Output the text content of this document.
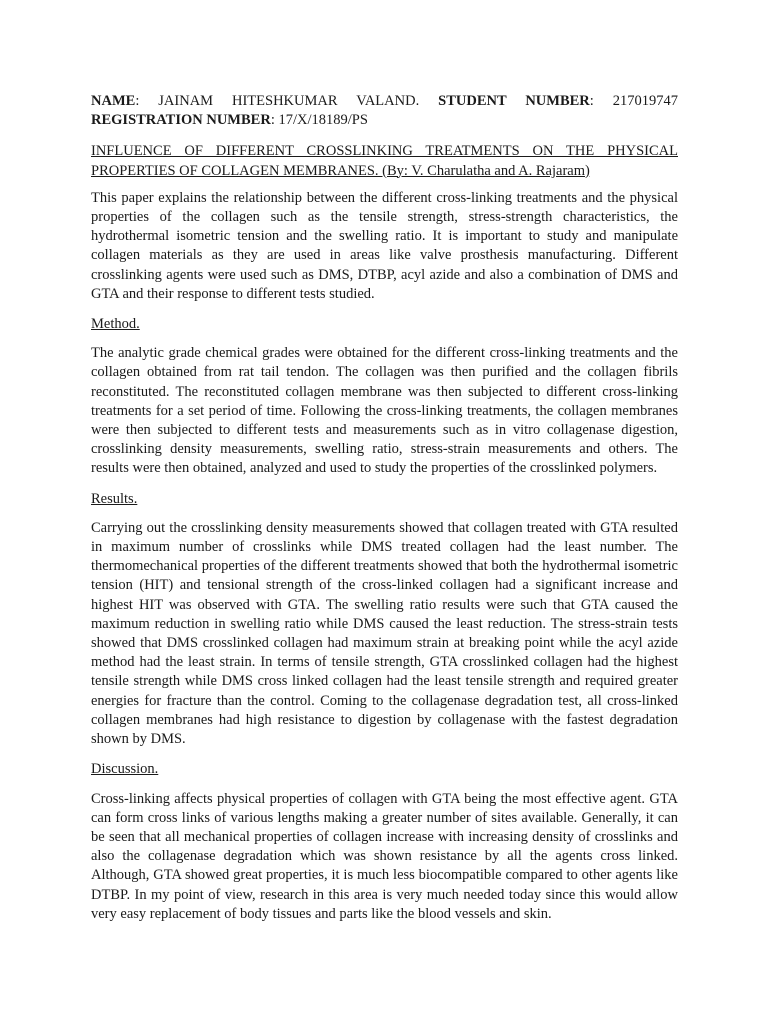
NAME: JAINAM HITESHKUMAR VALAND. STUDENT NUMBER: 217019747

REGISTRATION NUMBER: 17/X/18189/PS

INFLUENCE OF DIFFERENT CROSSLINKING TREATMENTS ON THE PHYSICAL PROPERTIES OF COLLAGEN MEMBRANES. (By: V. Charulatha and A. Rajaram)

This paper explains the relationship between the different cross-linking treatments and the physical properties of the collagen such as the tensile strength, stress-strength characteristics, the hydrothermal isometric tension and the swelling ratio. It is important to study and manipulate collagen materials as they are used in areas like valve prosthesis manufacturing. Different crosslinking agents were used such as DMS, DTBP, acyl azide and also a combination of DMS and GTA and their response to different tests studied.

Method.

The analytic grade chemical grades were obtained for the different cross-linking treatments and the collagen obtained from rat tail tendon. The collagen was then purified and the collagen fibrils reconstituted. The reconstituted collagen membrane was then subjected to different cross-linking treatments for a set period of time. Following the cross-linking treatments, the collagen membranes were then subjected to different tests and measurements such as in vitro collagenase digestion, crosslinking density measurements, swelling ratio, stress-strain measurements and others. The results were then obtained, analyzed and used to study the properties of the crosslinked polymers.

Results.

Carrying out the crosslinking density measurements showed that collagen treated with GTA resulted in maximum number of crosslinks while DMS treated collagen had the least number. The thermomechanical properties of the different treatments showed that both the hydrothermal isometric tension (HIT) and tensional strength of the cross-linked collagen had a significant increase and highest HIT was observed with GTA. The swelling ratio results were such that GTA caused the maximum reduction in swelling ratio while DMS caused the least reduction. The stress-strain tests showed that DMS crosslinked collagen had maximum strain at breaking point while the acyl azide method had the least strain. In terms of tensile strength, GTA crosslinked collagen had the highest tensile strength while DMS cross linked collagen had the least tensile strength and required greater energies for fracture than the control. Coming to the collagenase degradation test, all cross-linked collagen membranes had high resistance to digestion by collagenase with the fastest degradation shown by DMS.

Discussion.

Cross-linking affects physical properties of collagen with GTA being the most effective agent. GTA can form cross links of various lengths making a greater number of sites available. Generally, it can be seen that all mechanical properties of collagen increase with increasing density of crosslinks and also the collagenase degradation which was shown resistance by all the agents cross linked. Although, GTA showed great properties, it is much less biocompatible compared to other agents like DTBP. In my point of view, research in this area is very much needed today since this would allow very easy replacement of body tissues and parts like the blood vessels and skin.
